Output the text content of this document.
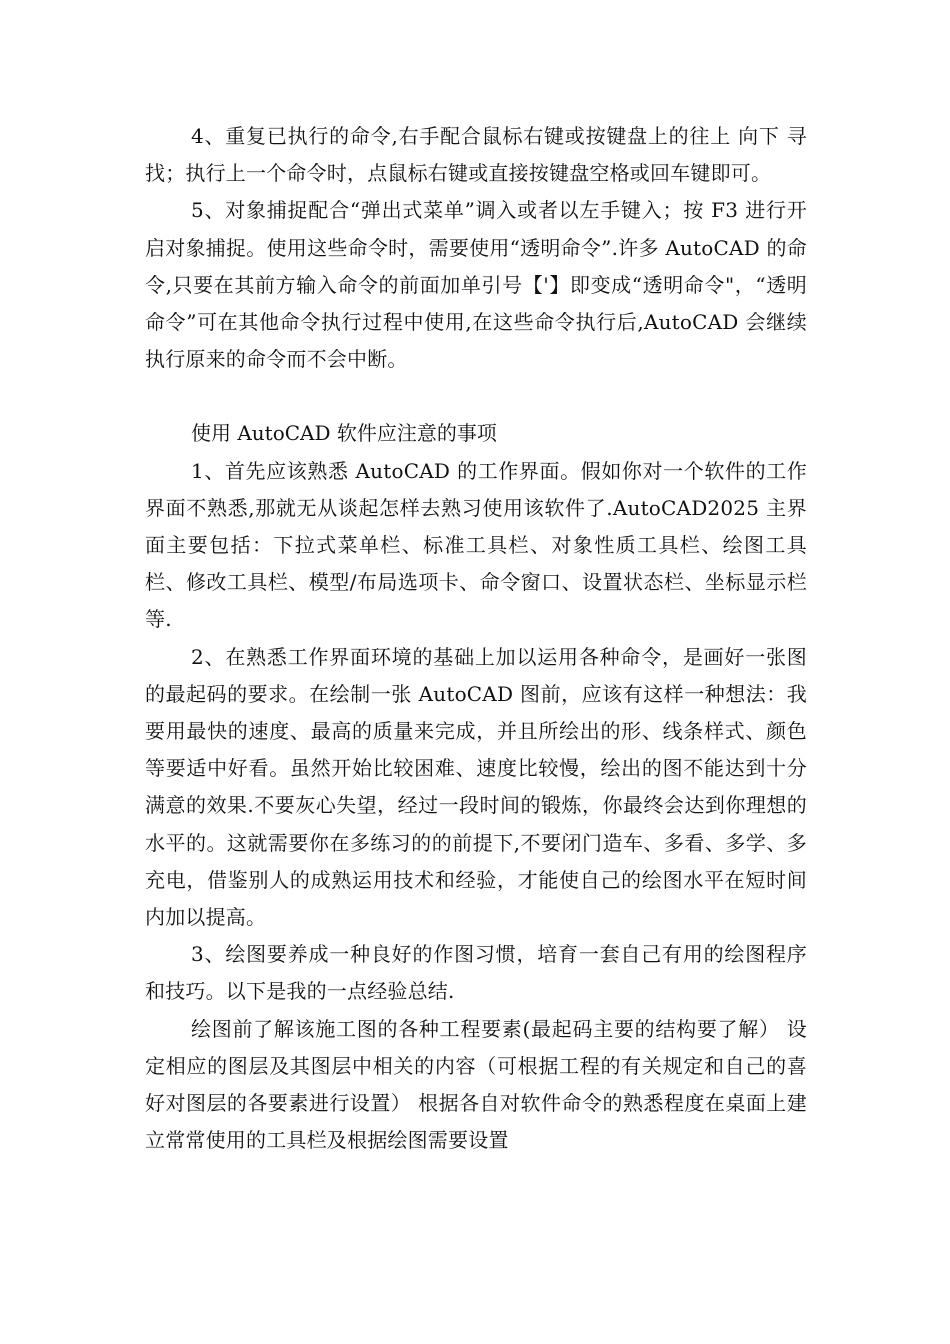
4、重复已执行的命令,右手配合鼠标右键或按键盘上的往上 向下 寻找；执行上一个命令时，点鼠标右键或直接按键盘空格或回车键即可。

5、对象捕捉配合“弹出式菜单”调入或者以左手键入；按 F3 进行开启对象捕捉。使用这些命令时，需要使用“透明命令”.许多 AutoCAD 的命令,只要在其前方输入命令的前面加单引号【'】即变成“透明命令"，“透明命令”可在其他命令执行过程中使用,在这些命令执行后,AutoCAD 会继续执行原来的命令而不会中断。

使用 AutoCAD 软件应注意的事项

1、首先应该熟悉 AutoCAD 的工作界面。假如你对一个软件的工作界面不熟悉,那就无从谈起怎样去熟习使用该软件了.AutoCAD2025 主界面主要包括：下拉式菜单栏、标准工具栏、对象性质工具栏、绘图工具栏、修改工具栏、模型/布局选项卡、命令窗口、设置状态栏、坐标显示栏等.

2、在熟悉工作界面环境的基础上加以运用各种命令，是画好一张图的最起码的要求。在绘制一张 AutoCAD 图前，应该有这样一种想法：我要用最快的速度、最高的质量来完成，并且所绘出的形、线条样式、颜色等要适中好看。虽然开始比较困难、速度比较慢，绘出的图不能达到十分满意的效果.不要灰心失望，经过一段时间的锻炼，你最终会达到你理想的水平的。这就需要你在多练习的的前提下,不要闭门造车、多看、多学、多充电，借鉴别人的成熟运用技术和经验，才能使自己的绘图水平在短时间内加以提高。

3、绘图要养成一种良好的作图习惯，培育一套自己有用的绘图程序和技巧。以下是我的一点经验总结.

绘图前了解该施工图的各种工程要素(最起码主要的结构要了解） 设定相应的图层及其图层中相关的内容（可根据工程的有关规定和自己的喜好对图层的各要素进行设置） 根据各自对软件命令的熟悉程度在桌面上建立常常使用的工具栏及根据绘图需要设置
